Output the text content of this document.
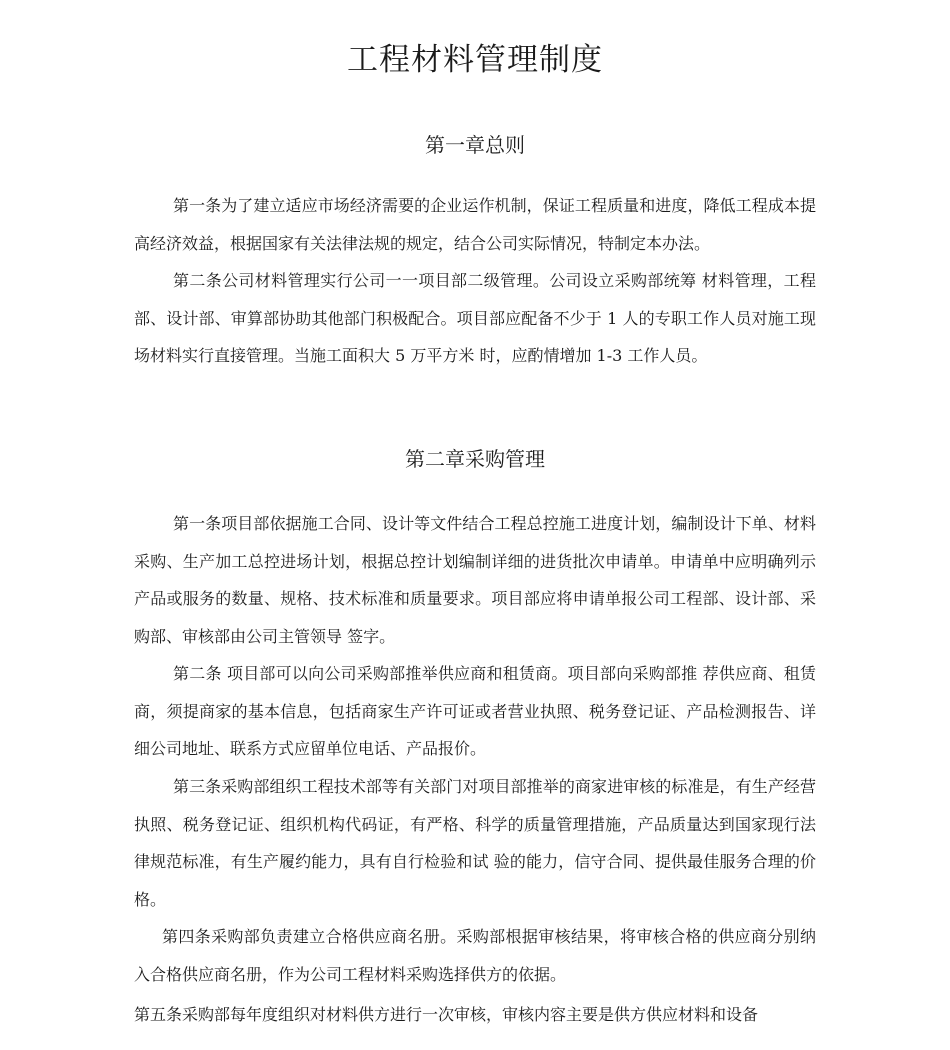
工程材料管理制度
第一章总则

第一条为了建立适应市场经济需要的企业运作机制，保证工程质量和进度，降低工程成本提高经济效益，根据国家有关法律法规的规定，结合公司实际情况，特制定本办法。

第二条公司材料管理实行公司一一项目部二级管理。公司设立采购部统筹 材料管理，工程部、设计部、审算部协助其他部门积极配合。项目部应配备不少于 1 人的专职工作人员对施工现场材料实行直接管理。当施工面积大 5 万平方米 时，应酌情增加 1-3 工作人员。

第二章采购管理

第一条项目部依据施工合同、设计等文件结合工程总控施工进度计划，编制设计下单、材料采购、生产加工总控进场计划，根据总控计划编制详细的进货批次申请单。申请单中应明确列示产品或服务的数量、规格、技术标准和质量要求。项目部应将申请单报公司工程部、设计部、采购部、审核部由公司主管领导 签字。

第二条 项目部可以向公司采购部推举供应商和租赁商。项目部向采购部推 荐供应商、租赁商，须提商家的基本信息，包括商家生产许可证或者营业执照、税务登记证、产品检测报告、详细公司地址、联系方式应留单位电话、产品报价。

第三条采购部组织工程技术部等有关部门对项目部推举的商家进审核的标准是，有生产经营执照、税务登记证、组织机构代码证，有严格、科学的质量管理措施，产品质量达到国家现行法律规范标准，有生产履约能力，具有自行检验和试 验的能力，信守合同、提供最佳服务合理的价格。

第四条采购部负责建立合格供应商名册。采购部根据审核结果，将审核合格的供应商分别纳入合格供应商名册，作为公司工程材料采购选择供方的依据。

第五条采购部每年度组织对材料供方进行一次审核，审核内容主要是供方供应材料和设备
